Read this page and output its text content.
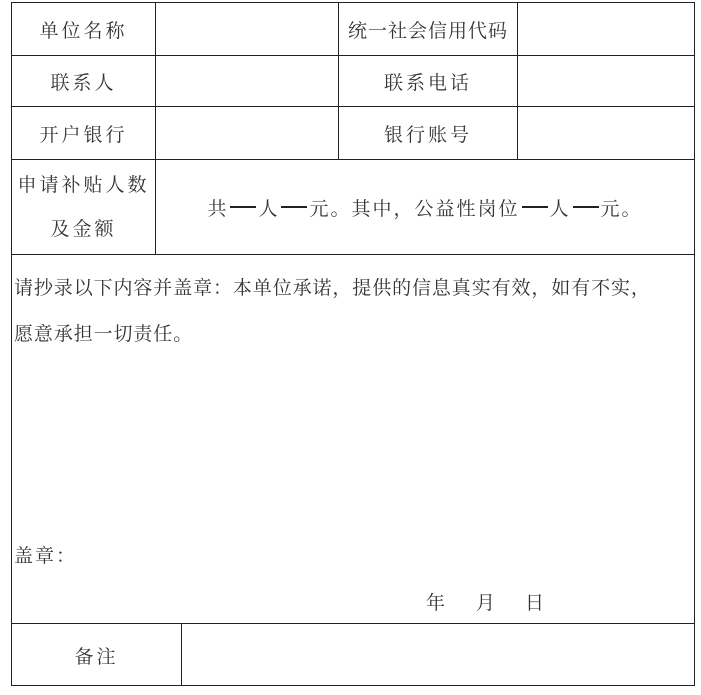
单位名称	统一社会信用代码
联系人	联系电话
开户银行	银行账号
申请补贴人数
及金额
共 人 元。其中，公益性岗位 人 元。
请抄录以下内容并盖章：本单位承诺，提供的信息真实有效，如有不实，
愿意承担一切责任。
盖章：
年 月 日
备注
